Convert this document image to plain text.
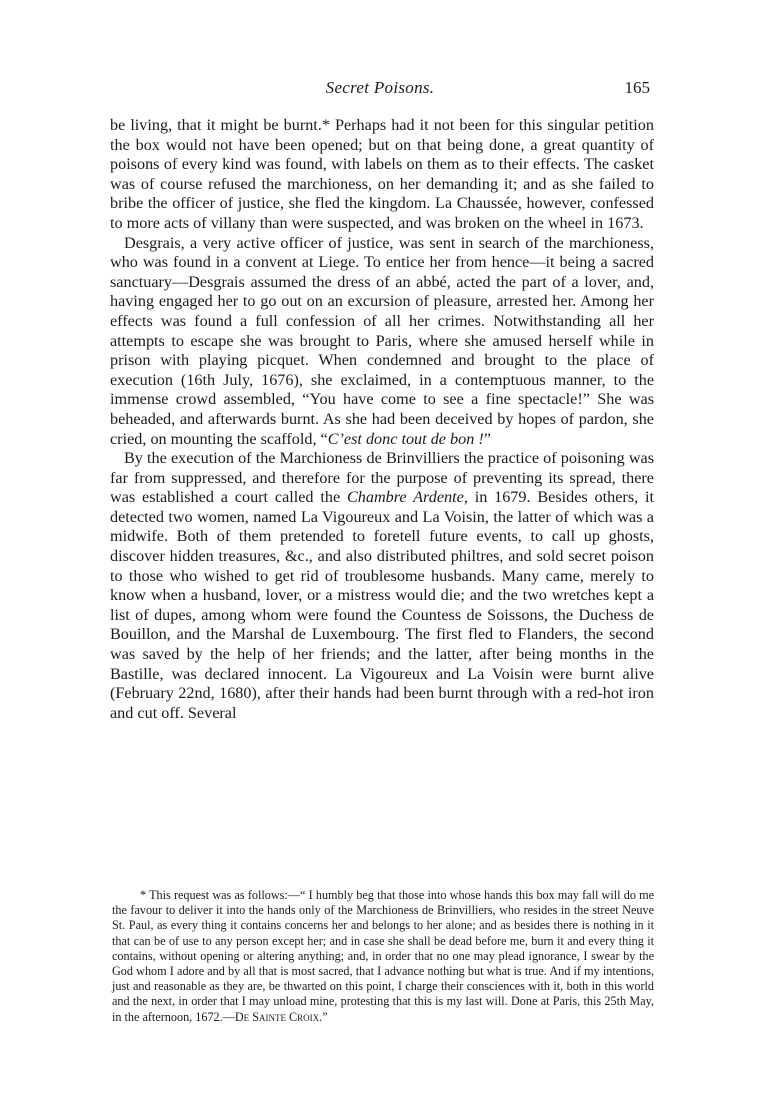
Secret Poisons.	165

be living, that it might be burnt.* Perhaps had it not been for this singular petition the box would not have been opened; but on that being done, a great quantity of poisons of every kind was found, with labels on them as to their effects. The casket was of course refused the marchioness, on her demanding it; and as she failed to bribe the officer of justice, she fled the kingdom. La Chaussée, however, confessed to more acts of villany than were suspected, and was broken on the wheel in 1673.

Desgrais, a very active officer of justice, was sent in search of the marchioness, who was found in a convent at Liege. To entice her from hence—it being a sacred sanctuary—Desgrais assumed the dress of an abbé, acted the part of a lover, and, having engaged her to go out on an excursion of pleasure, arrested her. Among her effects was found a full confession of all her crimes. Notwithstanding all her attempts to escape she was brought to Paris, where she amused herself while in prison with playing picquet. When condemned and brought to the place of execution (16th July, 1676), she exclaimed, in a contemptuous manner, to the immense crowd assembled, “You have come to see a fine spectacle!” She was beheaded, and afterwards burnt. As she had been deceived by hopes of pardon, she cried, on mounting the scaffold, “C’est donc tout de bon !”

By the execution of the Marchioness de Brinvilliers the practice of poisoning was far from suppressed, and therefore for the purpose of preventing its spread, there was established a court called the Chambre Ardente, in 1679. Besides others, it detected two women, named La Vigoureux and La Voisin, the latter of which was a midwife. Both of them pretended to foretell future events, to call up ghosts, discover hidden treasures, &c., and also distributed philtres, and sold secret poison to those who wished to get rid of troublesome husbands. Many came, merely to know when a husband, lover, or a mistress would die; and the two wretches kept a list of dupes, among whom were found the Countess de Soissons, the Duchess de Bouillon, and the Marshal de Luxembourg. The first fled to Flanders, the second was saved by the help of her friends; and the latter, after being months in the Bastille, was declared innocent. La Vigoureux and La Voisin were burnt alive (February 22nd, 1680), after their hands had been burnt through with a red-hot iron and cut off. Several

* This request was as follows:—“ I humbly beg that those into whose hands this box may fall will do me the favour to deliver it into the hands only of the Marchioness de Brinvilliers, who resides in the street Neuve St. Paul, as every thing it contains concerns her and belongs to her alone; and as besides there is nothing in it that can be of use to any person except her; and in case she shall be dead before me, burn it and every thing it contains, without opening or altering anything; and, in order that no one may plead ignorance, I swear by the God whom I adore and by all that is most sacred, that I advance nothing but what is true. And if my intentions, just and reasonable as they are, be thwarted on this point, I charge their consciences with it, both in this world and the next, in order that I may unload mine, protesting that this is my last will. Done at Paris, this 25th May, in the afternoon, 1672.—De Sainte Croix.”
